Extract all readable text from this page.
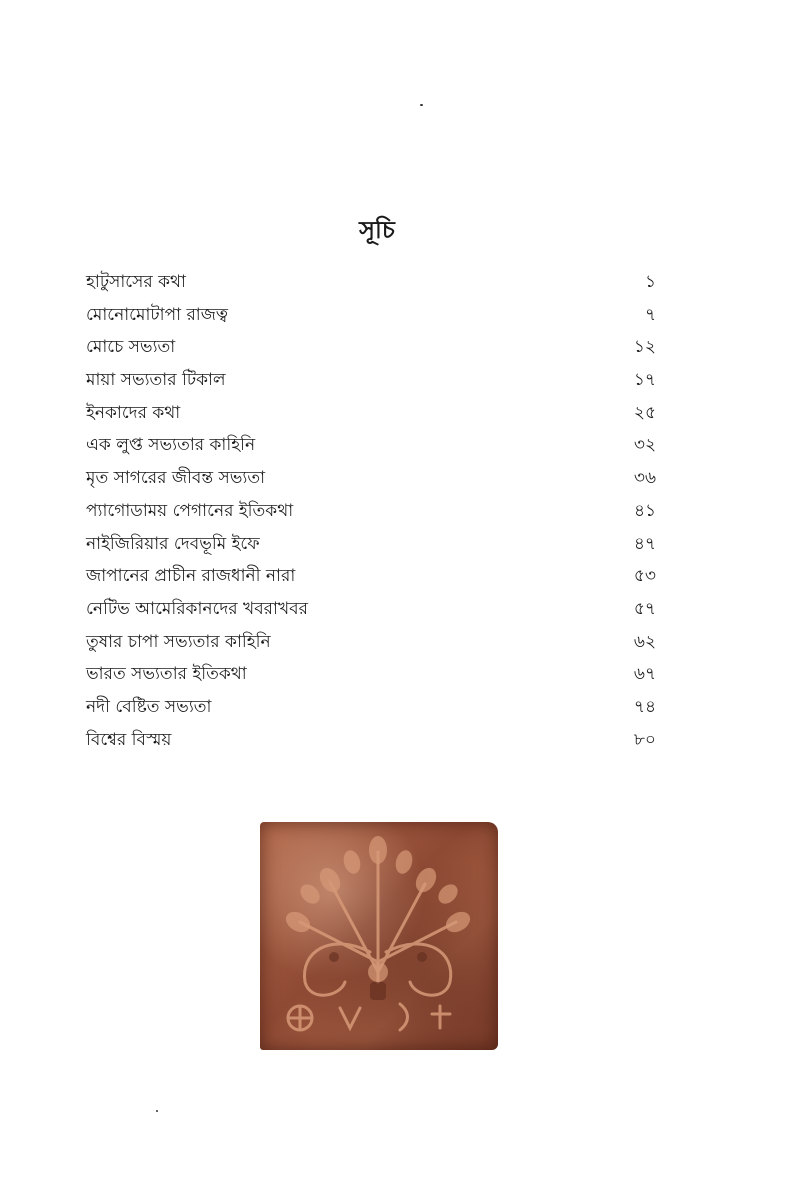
সূচি
হাটুসাসের কথা	১
মোনোমোটাপা রাজত্ব	৭
মোচে সভ্যতা	১২
মায়া সভ্যতার টিকাল	১৭
ইনকাদের কথা	২৫
এক লুপ্ত সভ্যতার কাহিনি	৩২
মৃত সাগরের জীবন্ত সভ্যতা	৩৬
প্যাগোডাময় পেগানের ইতিকথা	৪১
নাইজিরিয়ার দেবভূমি ইফে	৪৭
জাপানের প্রাচীন রাজধানী নারা	৫৩
নেটিভ আমেরিকানদের খবরাখবর	৫৭
তুষার চাপা সভ্যতার কাহিনি	৬২
ভারত সভ্যতার ইতিকথা	৬৭
নদী বেষ্টিত সভ্যতা	৭৪
বিশ্বের বিস্ময়	৮০
